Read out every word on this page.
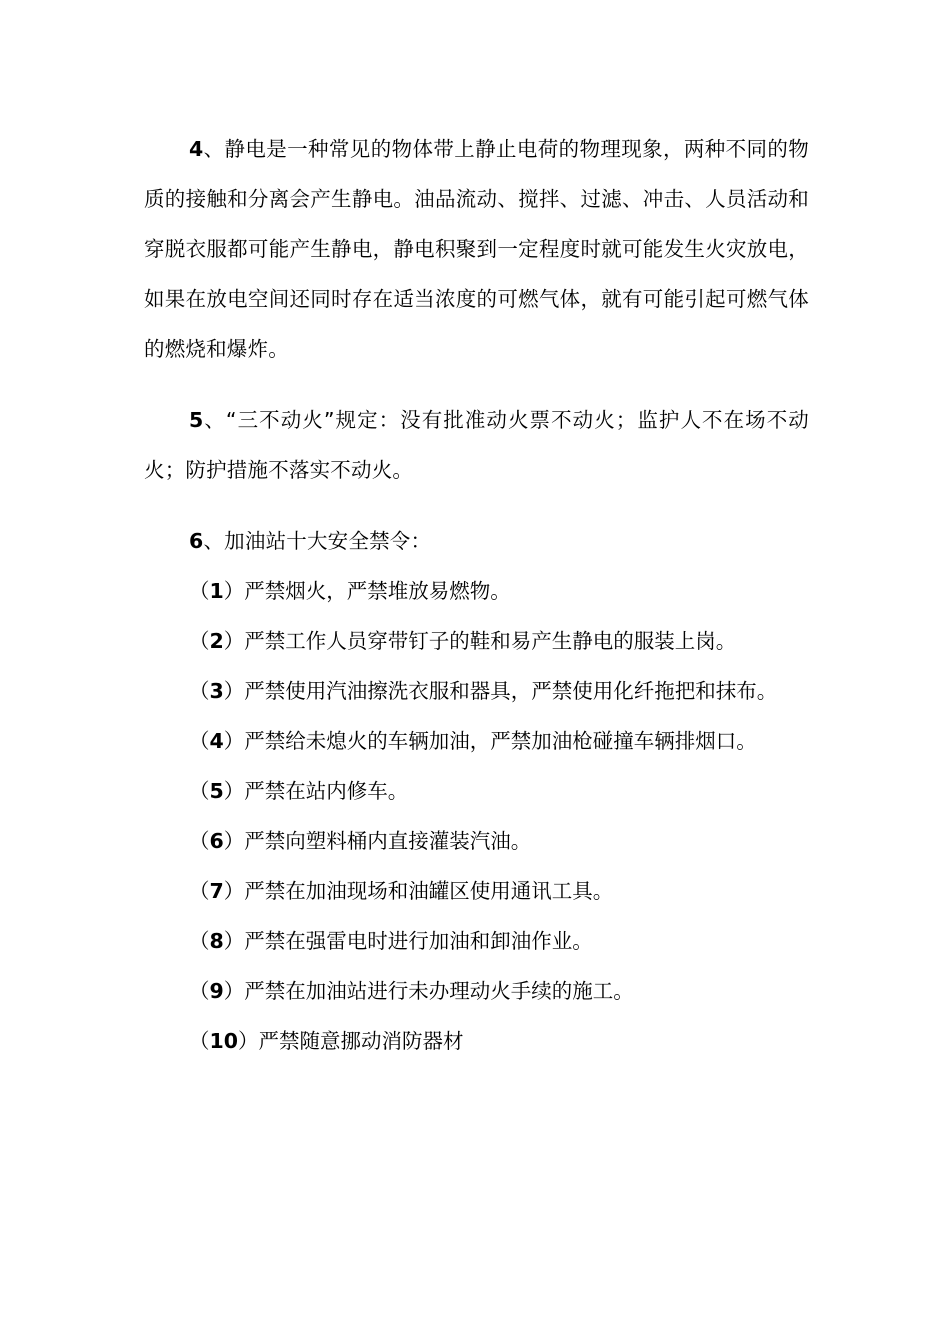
4、静电是一种常见的物体带上静止电荷的物理现象，两种不同的物质的接触和分离会产生静电。油品流动、搅拌、过滤、冲击、人员活动和穿脱衣服都可能产生静电，静电积聚到一定程度时就可能发生火灾放电，如果在放电空间还同时存在适当浓度的可燃气体，就有可能引起可燃气体的燃烧和爆炸。

5、“三不动火”规定：没有批准动火票不动火；监护人不在场不动火；防护措施不落实不动火。

6、加油站十大安全禁令：

（1）严禁烟火，严禁堆放易燃物。
（2）严禁工作人员穿带钉子的鞋和易产生静电的服装上岗。
（3）严禁使用汽油擦洗衣服和器具，严禁使用化纤拖把和抹布。
（4）严禁给未熄火的车辆加油，严禁加油枪碰撞车辆排烟口。
（5）严禁在站内修车。
（6）严禁向塑料桶内直接灌装汽油。
（7）严禁在加油现场和油罐区使用通讯工具。
（8）严禁在强雷电时进行加油和卸油作业。
（9）严禁在加油站进行未办理动火手续的施工。
（10）严禁随意挪动消防器材
